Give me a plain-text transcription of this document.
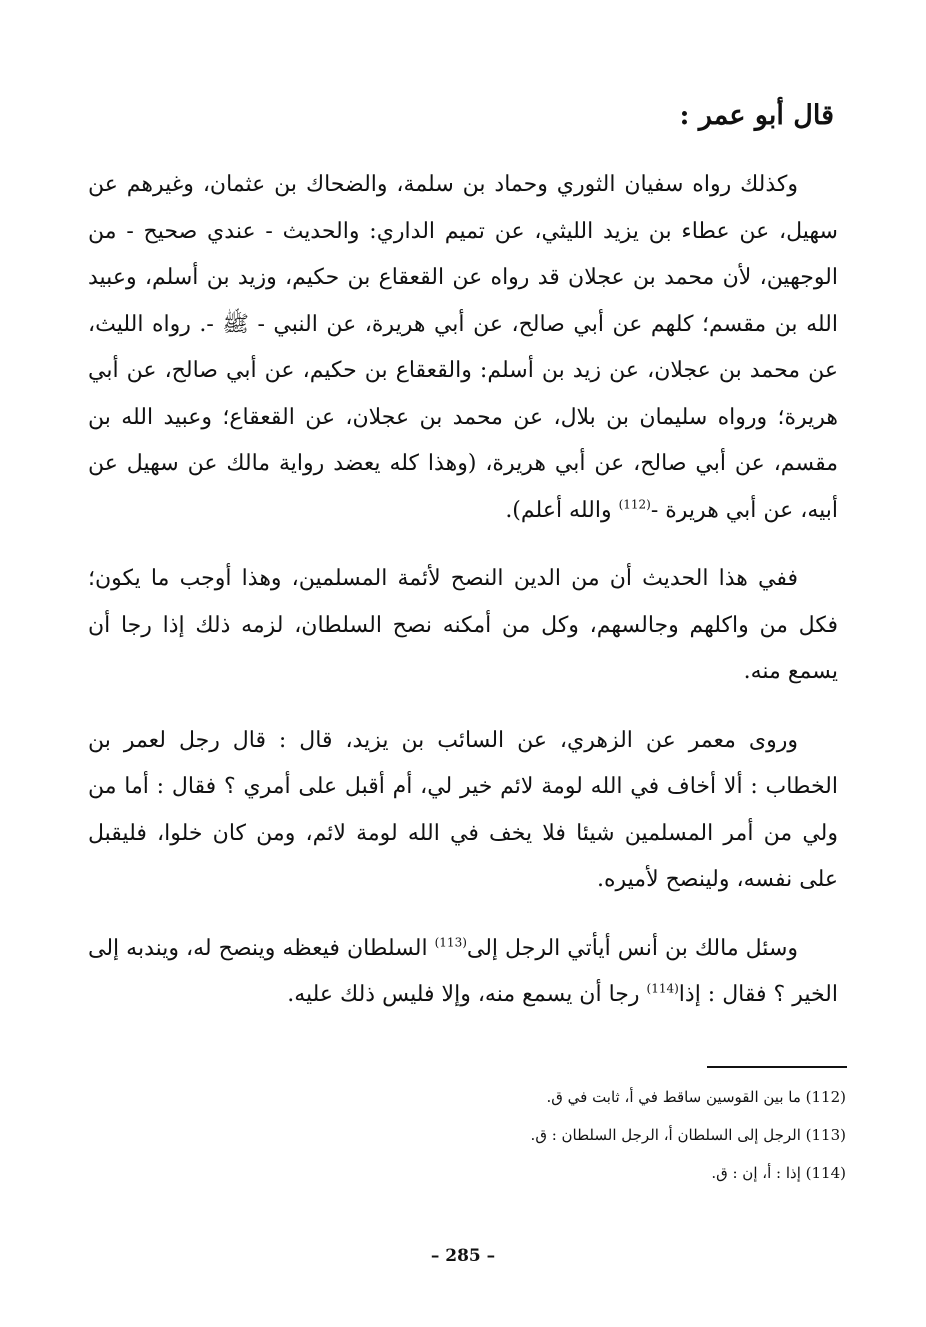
قال أبو عمر :

وكذلك رواه سفيان الثوري وحماد بن سلمة، والضحاك بن عثمان، وغيرهم عن سهيل، عن عطاء بن يزيد الليثي، عن تميم الداري: والحديث - عندي صحيح - من الوجهين، لأن محمد بن عجلان قد رواه عن القعقاع بن حكيم، وزيد بن أسلم، وعبيد الله بن مقسم؛ كلهم عن أبي صالح، عن أبي هريرة، عن النبي - ﷺ -. رواه الليث، عن محمد بن عجلان، عن زيد بن أسلم: والقعقاع بن حكيم، عن أبي صالح، عن أبي هريرة؛ ورواه سليمان بن بلال، عن محمد بن عجلان، عن القعقاع؛ وعبيد الله بن مقسم، عن أبي صالح، عن أبي هريرة، (وهذا كله يعضد رواية مالك عن سهيل عن أبيه، عن أبي هريرة -$^{(112)}$ والله أعلم).

ففي هذا الحديث أن من الدين النصح لأئمة المسلمين، وهذا أوجب ما يكون؛ فكل من واكلهم وجالسهم، وكل من أمكنه نصح السلطان، لزمه ذلك إذا رجا أن يسمع منه.

وروى معمر عن الزهري، عن السائب بن يزيد، قال : قال رجل لعمر بن الخطاب : ألا أخاف في الله لومة لائم خير لي، أم أقبل على أمري ؟ فقال : أما من ولي من أمر المسلمين شيئا فلا يخف في الله لومة لائم، ومن كان خلوا، فليقبل على نفسه، ولينصح لأميره.

وسئل مالك بن أنس أيأتي الرجل إلى$^{(113)}$ السلطان فيعظه وينصح له، ويندبه إلى الخير ؟ فقال : إذا$^{(114)}$ رجا أن يسمع منه، وإلا فليس ذلك عليه.

(112) ما بين القوسين ساقط في أ، ثابت في ق.
(113) الرجل إلى السلطان أ، الرجل السلطان : ق.
(114) إذا : أ، إن : ق.
– 285 –
